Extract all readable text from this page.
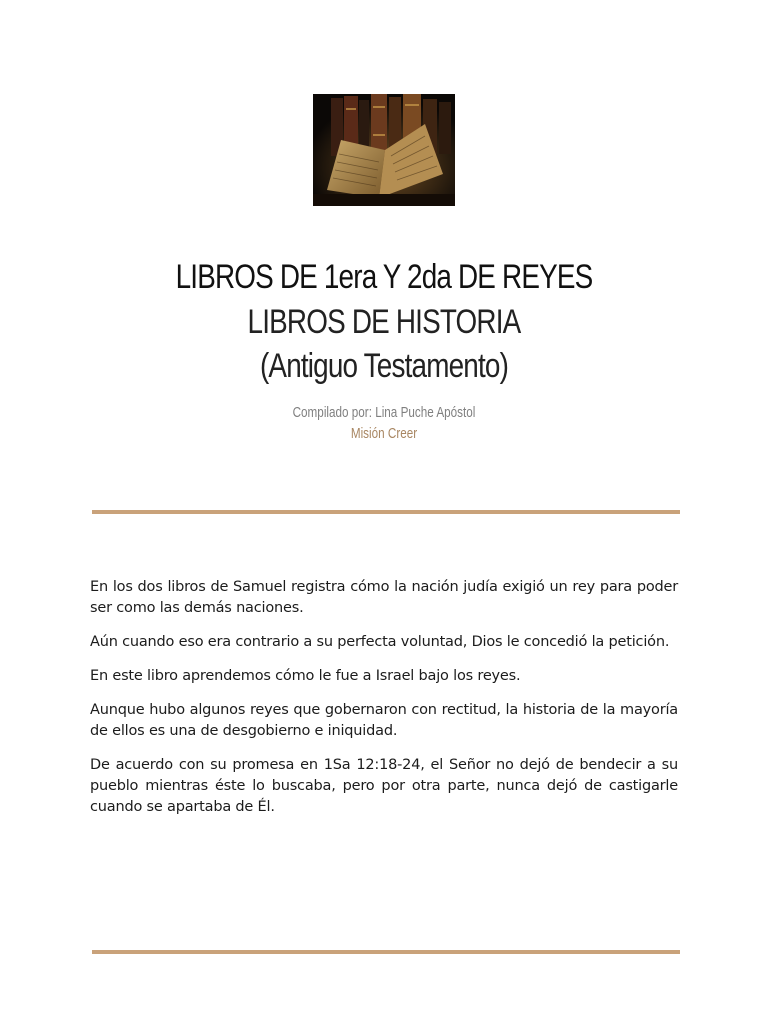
LIBROS DE 1era Y 2da DE REYES
LIBROS DE HISTORIA
(Antiguo Testamento)
Compilado por: Lina Puche Apóstol
Misión Creer

En los dos libros de Samuel registra cómo la nación judía exigió un rey para poder ser como las demás naciones.

Aún cuando eso era contrario a su perfecta voluntad, Dios le concedió la petición.

En este libro aprendemos cómo le fue a Israel bajo los reyes.

Aunque hubo algunos reyes que gobernaron con rectitud, la historia de la mayoría de ellos es una de desgobierno e iniquidad.

De acuerdo con su promesa en 1Sa 12:18-24, el Señor no dejó de bendecir a su pueblo mientras éste lo buscaba, pero por otra parte, nunca dejó de castigarle cuando se apartaba de Él.
